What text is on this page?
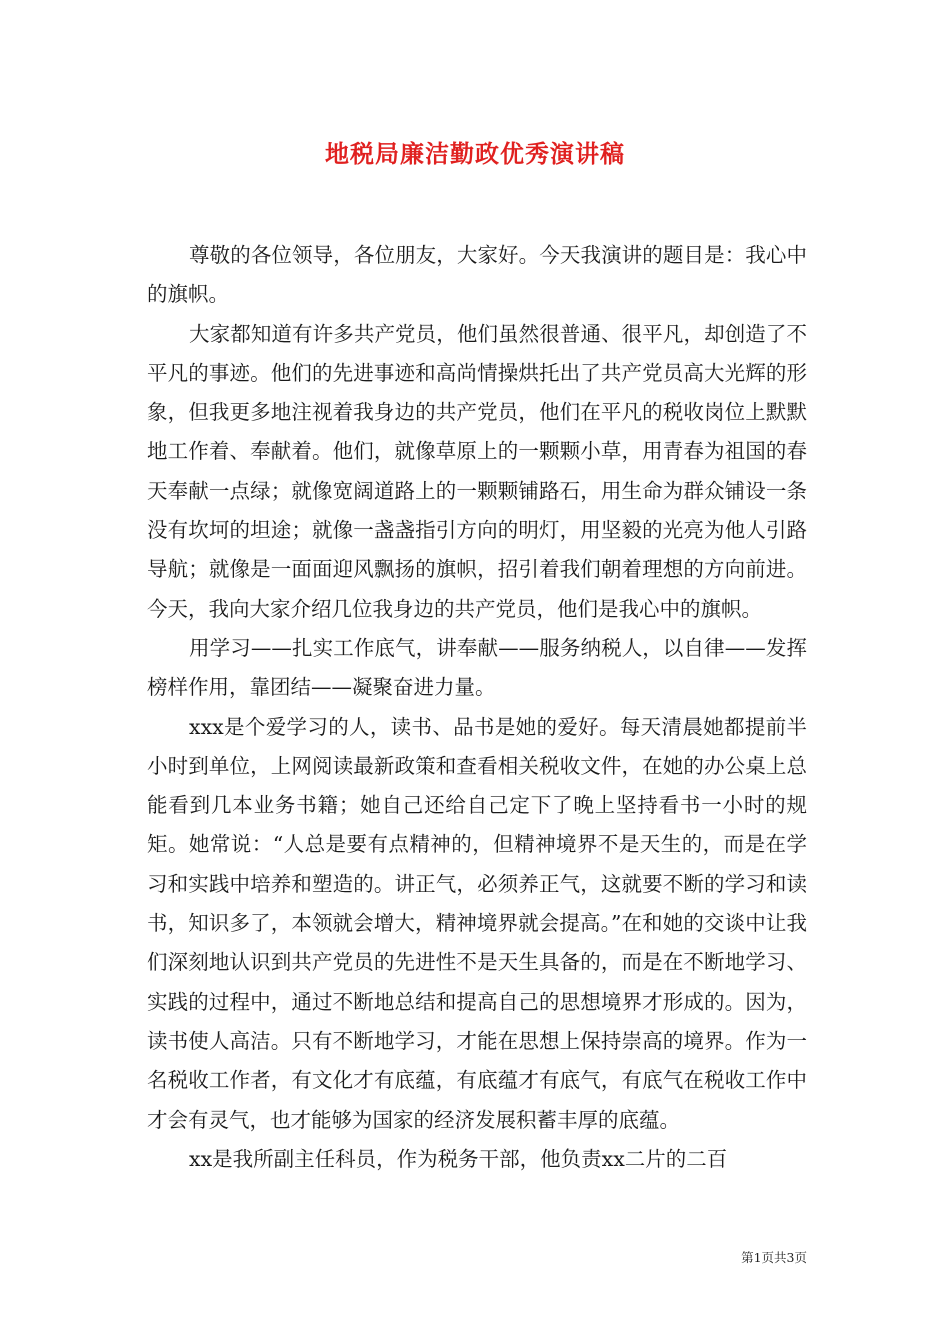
地税局廉洁勤政优秀演讲稿

尊敬的各位领导，各位朋友，大家好。今天我演讲的题目是：我心中的旗帜。

大家都知道有许多共产党员，他们虽然很普通、很平凡，却创造了不平凡的事迹。他们的先进事迹和高尚情操烘托出了共产党员高大光辉的形象，但我更多地注视着我身边的共产党员，他们在平凡的税收岗位上默默地工作着、奉献着。他们，就像草原上的一颗颗小草，用青春为祖国的春天奉献一点绿；就像宽阔道路上的一颗颗铺路石，用生命为群众铺设一条没有坎坷的坦途；就像一盏盏指引方向的明灯，用坚毅的光亮为他人引路导航；就像是一面面迎风飘扬的旗帜，招引着我们朝着理想的方向前进。今天，我向大家介绍几位我身边的共产党员，他们是我心中的旗帜。

用学习——扎实工作底气，讲奉献——服务纳税人，以自律——发挥榜样作用，靠团结——凝聚奋进力量。

xxx是个爱学习的人，读书、品书是她的爱好。每天清晨她都提前半小时到单位，上网阅读最新政策和查看相关税收文件，在她的办公桌上总能看到几本业务书籍；她自己还给自己定下了晚上坚持看书一小时的规矩。她常说：“人总是要有点精神的，但精神境界不是天生的，而是在学习和实践中培养和塑造的。讲正气，必须养正气，这就要不断的学习和读书，知识多了，本领就会增大，精神境界就会提高。”在和她的交谈中让我们深刻地认识到共产党员的先进性不是天生具备的，而是在不断地学习、实践的过程中，通过不断地总结和提高自己的思想境界才形成的。因为，读书使人高洁。只有不断地学习，才能在思想上保持崇高的境界。作为一名税收工作者，有文化才有底蕴，有底蕴才有底气，有底气在税收工作中才会有灵气，也才能够为国家的经济发展积蓄丰厚的底蕴。

xx是我所副主任科员，作为税务干部，他负责xx二片的二百

第1页共3页
